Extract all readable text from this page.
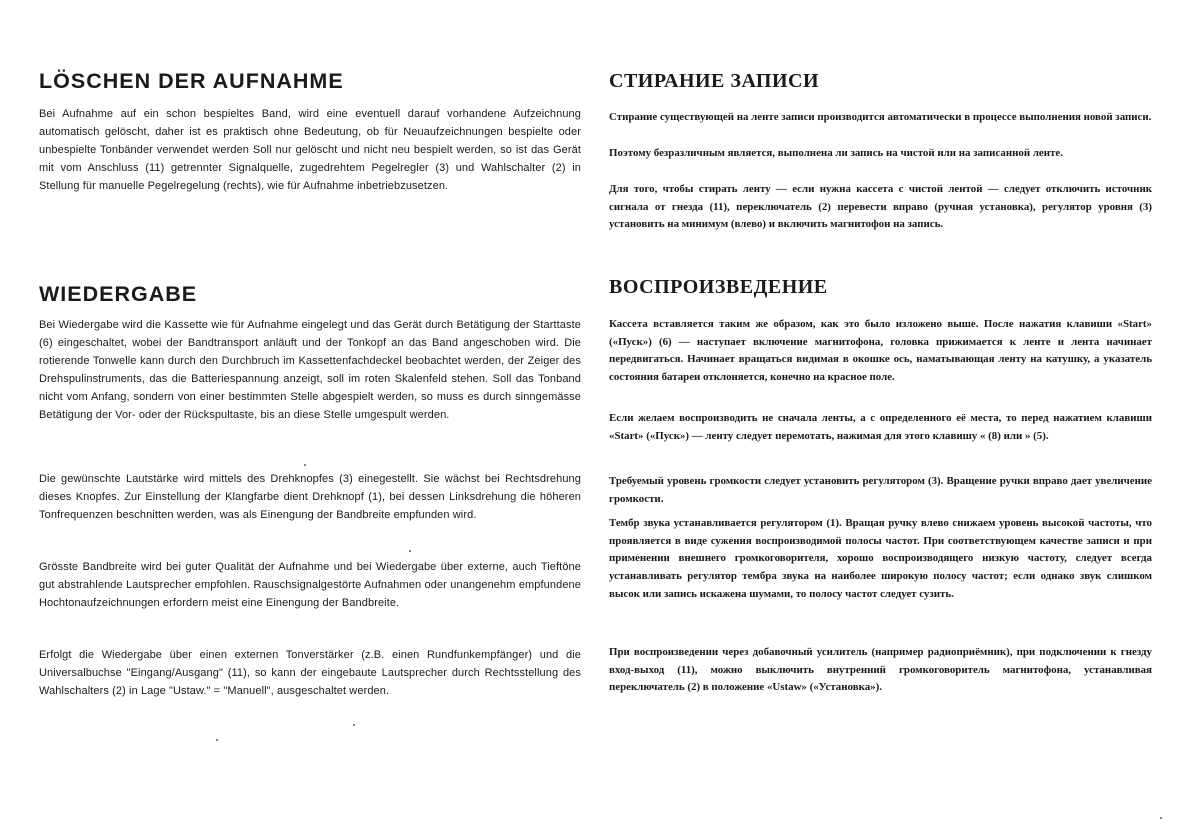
LÖSCHEN DER AUFNAHME

Bei Aufnahme auf ein schon bespieltes Band, wird eine eventuell darauf vorhandene Aufzeichnung automatisch gelöscht, daher ist es praktisch ohne Bedeutung, ob für Neuaufzeichnungen bespielte oder unbespielte Tonbänder verwendet werden Soll nur gelöscht und nicht neu bespielt werden, so ist das Gerät mit vom Anschluss (11) getrennter Signalquelle, zugedrehtem Pegelregler (3) und Wahlschalter (2) in Stellung für manuelle Pegelregelung (rechts), wie für Aufnahme inbetriebzusetzen.

WIEDERGABE

Bei Wiedergabe wird die Kassette wie für Aufnahme eingelegt und das Gerät durch Betätigung der Starttaste (6) eingeschaltet, wobei der Bandtransport anläuft und der Tonkopf an das Band angeschoben wird. Die rotierende Tonwelle kann durch den Durchbruch im Kassettenfachdeckel beobachtet werden, der Zeiger des Drehspulinstruments, das die Batteriespannung anzeigt, soll im roten Skalenfeld stehen. Soll das Tonband nicht vom Anfang, sondern von einer bestimmten Stelle abgespielt werden, so muss es durch sinngemässe Betätigung der Vor- oder der Rückspultaste, bis an diese Stelle umgespult werden.

Die gewünschte Lautstärke wird mittels des Drehknopfes (3) einegestellt. Sie wächst bei Rechtsdrehung dieses Knopfes. Zur Einstellung der Klangfarbe dient Drehknopf (1), bei dessen Linksdrehung die höheren Tonfrequenzen beschnitten werden, was als Einengung der Bandbreite empfunden wird.

Grösste Bandbreite wird bei guter Qualität der Aufnahme und bei Wiedergabe über externe, auch Tieftöne gut abstrahlende Lautsprecher empfohlen. Rauschsignalgestörte Aufnahmen oder unangenehm empfundene Hochtonaufzeichnungen erfordern meist eine Einengung der Bandbreite.

Erfolgt die Wiedergabe über einen externen Tonverstärker (z.B. einen Rundfunkempfänger) und die Universalbuchse "Eingang/Ausgang" (11), so kann der eingebaute Lautsprecher durch Rechtsstellung des Wahlschalters (2) in Lage "Ustaw." = "Manuell", ausgeschaltet werden.

СТИРАНИЕ ЗАПИСИ

Стирание существующей на ленте записи производится автоматически в процессе выполнения новой записи.

Поэтому безразличным является, выполнена ли запись на чистой или на записанной ленте.

Для того, чтобы стирать ленту — если нужна кассета с чистой лентой — следует отключить источник сигнала от гнезда (11), переключатель (2) перевести вправо (ручная установка), регулятор уровня (3) установить на минимум (влево) и включить магнитофон на запись.

ВОСПРОИЗВЕДЕНИЕ

Кассета вставляется таким же образом, как это было изложено выше. После нажатия клавиши «Start» («Пуск») (6) — наступает включение магнитофона, головка прижимается к ленте и лента начинает передвигаться. Начинает вращаться видимая в окошке ось, наматывающая ленту на катушку, а указатель состояния батареи отклоняется, конечно на красное поле.

Если желаем воспроизводить не сначала ленты, а с определенного её места, то перед нажатием клавиши «Start» («Пуск») — ленту следует перемотать, нажимая для этого клавишу « (8) или » (5).

Требуемый уровень громкости следует установить регулятором (3). Вращение ручки вправо дает увеличение громкости.

Тембр звука устанавливается регулятором (1). Вращая ручку влево снижаем уровень высокой частоты, что проявляется в виде сужения воспроизводимой полосы частот. При соответствующем качестве записи и при применении внешнего громкоговорителя, хорошо воспроизводящего низкую частоту, следует всегда устанавливать регулятор тембра звука на наиболее широкую полосу частот; если однако звук слишком высок или запись искажена шумами, то полосу частот следует сузить.

При воспроизведении через добавочный усилитель (например радиоприёмник), при подключении к гнезду вход-выход (11), можно выключить внутренний громкоговоритель магнитофона, устанавливая переключатель (2) в положение «Ustaw» («Установка»).
